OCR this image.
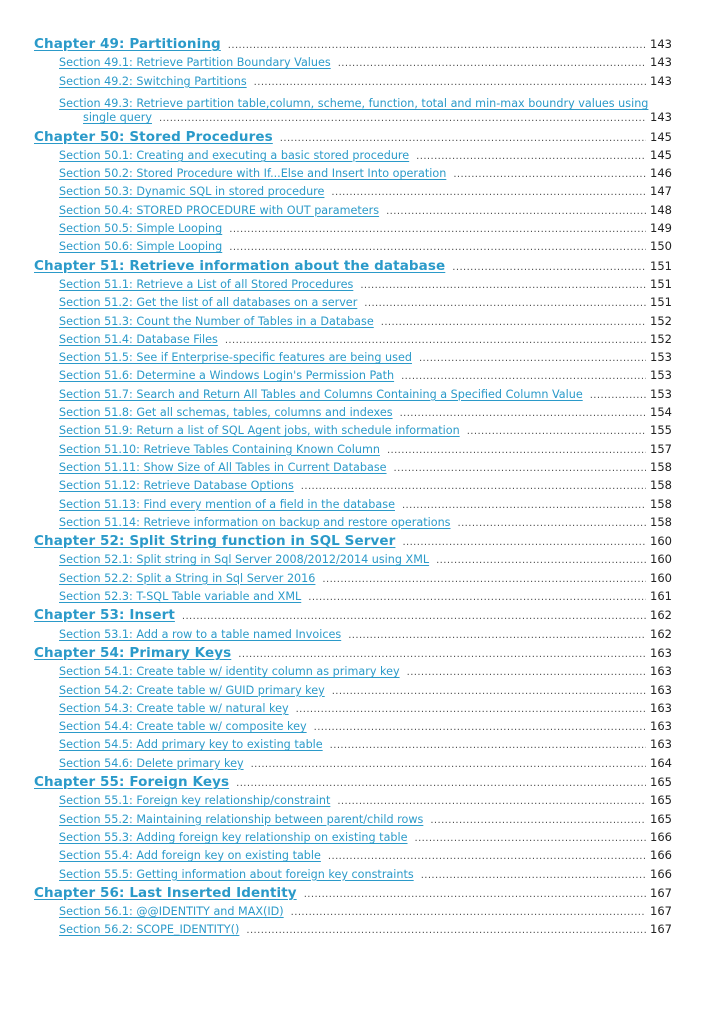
Chapter 49: Partitioning .....	143
Section 49.1: Retrieve Partition Boundary Values .....	143
Section 49.2: Switching Partitions .....	143
Section 49.3: Retrieve partition table,column, scheme, function, total and min-max boundry values using
single query .....	143
Chapter 50: Stored Procedures .....	145
Section 50.1: Creating and executing a basic stored procedure .....	145
Section 50.2: Stored Procedure with If...Else and Insert Into operation .....	146
Section 50.3: Dynamic SQL in stored procedure .....	147
Section 50.4: STORED PROCEDURE with OUT parameters .....	148
Section 50.5: Simple Looping .....	149
Section 50.6: Simple Looping .....	150
Chapter 51: Retrieve information about the database .....	151
Section 51.1: Retrieve a List of all Stored Procedures .....	151
Section 51.2: Get the list of all databases on a server .....	151
Section 51.3: Count the Number of Tables in a Database .....	152
Section 51.4: Database Files .....	152
Section 51.5: See if Enterprise-specific features are being used .....	153
Section 51.6: Determine a Windows Login's Permission Path .....	153
Section 51.7: Search and Return All Tables and Columns Containing a Specified Column Value .....	153
Section 51.8: Get all schemas, tables, columns and indexes .....	154
Section 51.9: Return a list of SQL Agent jobs, with schedule information .....	155
Section 51.10: Retrieve Tables Containing Known Column .....	157
Section 51.11: Show Size of All Tables in Current Database .....	158
Section 51.12: Retrieve Database Options .....	158
Section 51.13: Find every mention of a field in the database .....	158
Section 51.14: Retrieve information on backup and restore operations .....	158
Chapter 52: Split String function in SQL Server .....	160
Section 52.1: Split string in Sql Server 2008/2012/2014 using XML .....	160
Section 52.2: Split a String in Sql Server 2016 .....	160
Section 52.3: T-SQL Table variable and XML .....	161
Chapter 53: Insert .....	162
Section 53.1: Add a row to a table named Invoices .....	162
Chapter 54: Primary Keys .....	163
Section 54.1: Create table w/ identity column as primary key .....	163
Section 54.2: Create table w/ GUID primary key .....	163
Section 54.3: Create table w/ natural key .....	163
Section 54.4: Create table w/ composite key .....	163
Section 54.5: Add primary key to existing table .....	163
Section 54.6: Delete primary key .....	164
Chapter 55: Foreign Keys .....	165
Section 55.1: Foreign key relationship/constraint .....	165
Section 55.2: Maintaining relationship between parent/child rows .....	165
Section 55.3: Adding foreign key relationship on existing table .....	166
Section 55.4: Add foreign key on existing table .....	166
Section 55.5: Getting information about foreign key constraints .....	166
Chapter 56: Last Inserted Identity .....	167
Section 56.1: @@IDENTITY and MAX(ID) .....	167
Section 56.2: SCOPE_IDENTITY() .....	167
